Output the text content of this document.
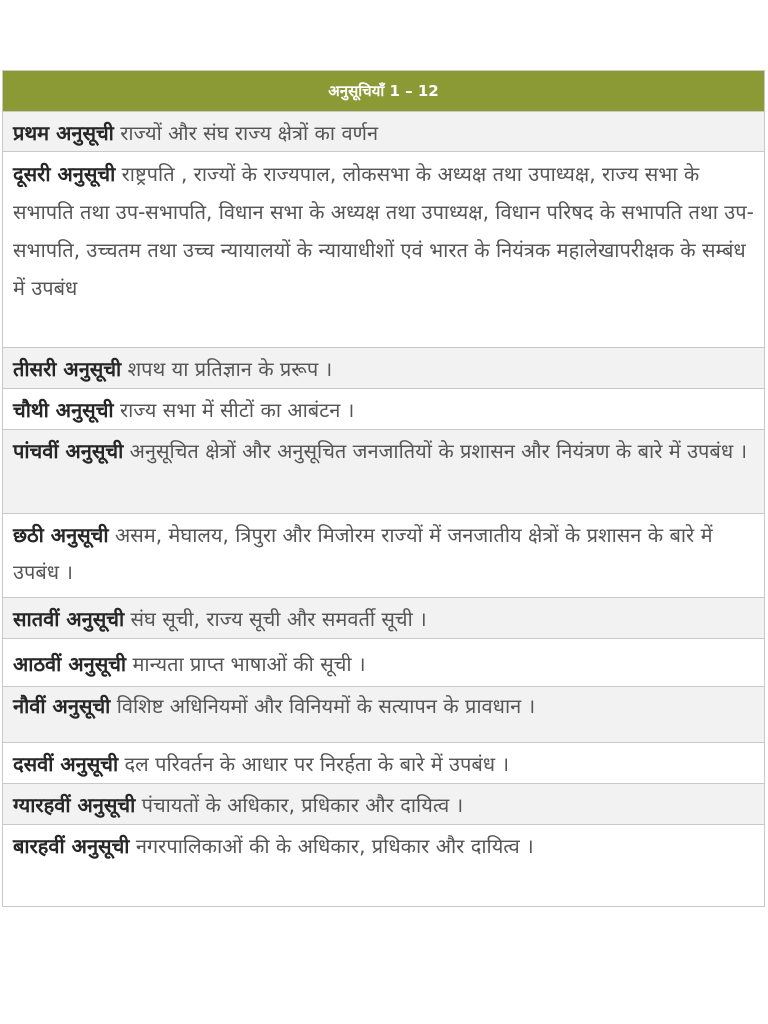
अनुसूचियाँ 1 – 12
प्रथम अनुसूची राज्यों और संघ राज्य क्षेत्रों का वर्णन
दूसरी अनुसूची राष्ट्रपति , राज्यों के राज्यपाल, लोकसभा के अध्यक्ष तथा उपाध्यक्ष, राज्य सभा के सभापति तथा उप-सभापति, विधान सभा के अध्यक्ष तथा उपाध्यक्ष, विधान परिषद के सभापति तथा उप-सभापति, उच्चतम तथा उच्च न्यायालयों के न्यायाधीशों एवं भारत के नियंत्रक महालेखापरीक्षक के सम्बंध में उपबंध
तीसरी अनुसूची शपथ या प्रतिज्ञान के प्ररूप ।
चौथी अनुसूची राज्य सभा में सीटों का आबंटन ।
पांचवीं अनुसूची अनुसूचित क्षेत्रों और अनुसूचित जनजातियों के प्रशासन और नियंत्रण के बारे में उपबंध ।
छठी अनुसूची असम, मेघालय, त्रिपुरा और मिजोरम राज्यों में जनजातीय क्षेत्रों के प्रशासन के बारे में उपबंध ।
सातवीं अनुसूची संघ सूची, राज्य सूची और समवर्ती सूची ।
आठवीं अनुसूची मान्यता प्राप्त भाषाओं की सूची ।
नौवीं अनुसूची विशिष्ट अधिनियमों और विनियमों के सत्यापन के प्रावधान ।
दसवीं अनुसूची दल परिवर्तन के आधार पर निरर्हता के बारे में उपबंध ।
ग्यारहवीं अनुसूची पंचायतों के अधिकार, प्रधिकार और दायित्व ।
बारहवीं अनुसूची नगरपालिकाओं की के अधिकार, प्रधिकार और दायित्व ।
